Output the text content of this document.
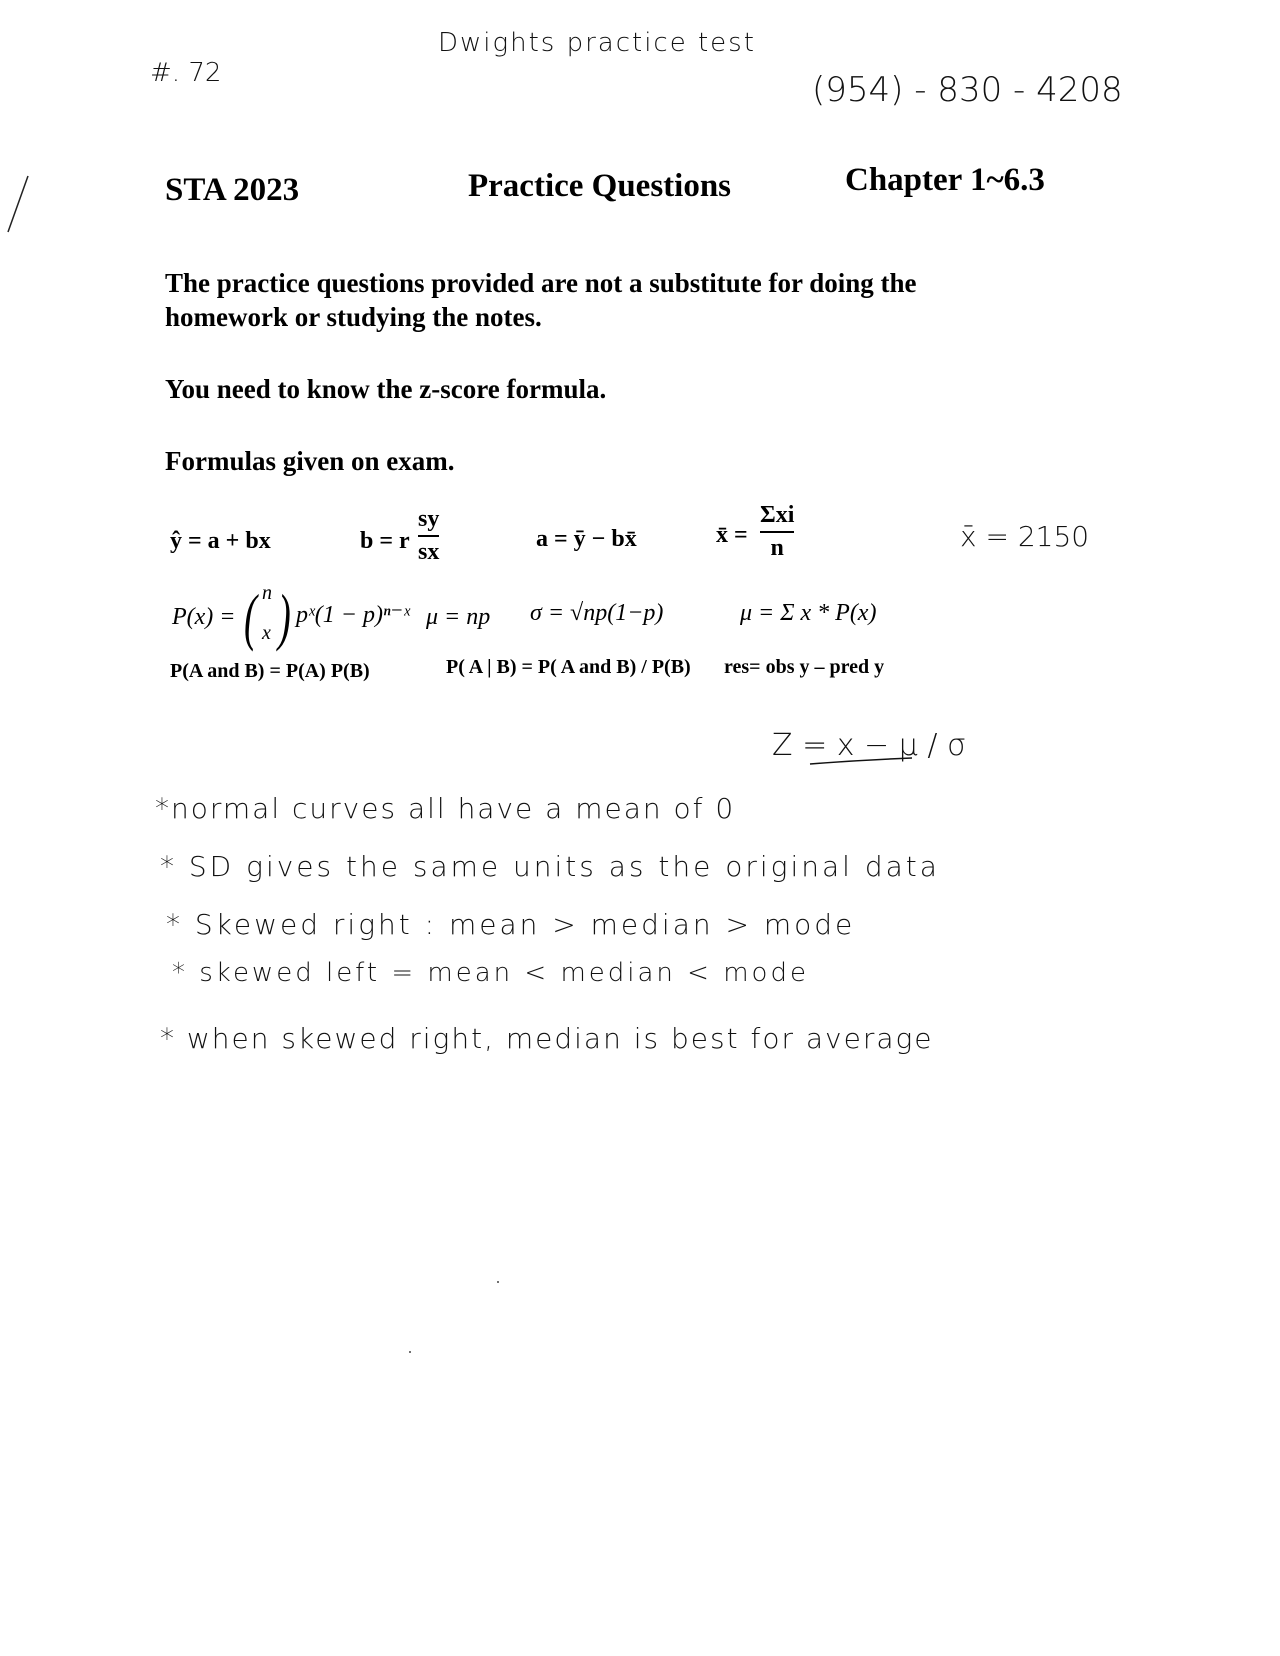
#. 72
Dwights practice test
(954) - 830 - 4208
STA 2023	Practice Questions	Chapter 1~6.3
The practice questions provided are not a substitute for doing the homework or studying the notes.
You need to know the z-score formula.
Formulas given on exam.
ŷ = a + bx	b = r
sy
sx	a = ȳ − bx̄	x̄ =
Σxi
n	x̄ = 2150
P(x) = ( n
x ) pˣ(1 − p)ⁿ⁻ˣ μ = np σ = √np(1−p)	μ = Σ x * P(x)
P(A and B) = P(A) P(B)	P( A | B) = P( A and B) / P(B) res= obs y – pred y
Z = x − μ / σ
*normal curves all have a mean of 0
* SD gives the same units as the original data
* Skewed right : mean > median > mode
* skewed left = mean < median < mode
* when skewed right, median is best for average
